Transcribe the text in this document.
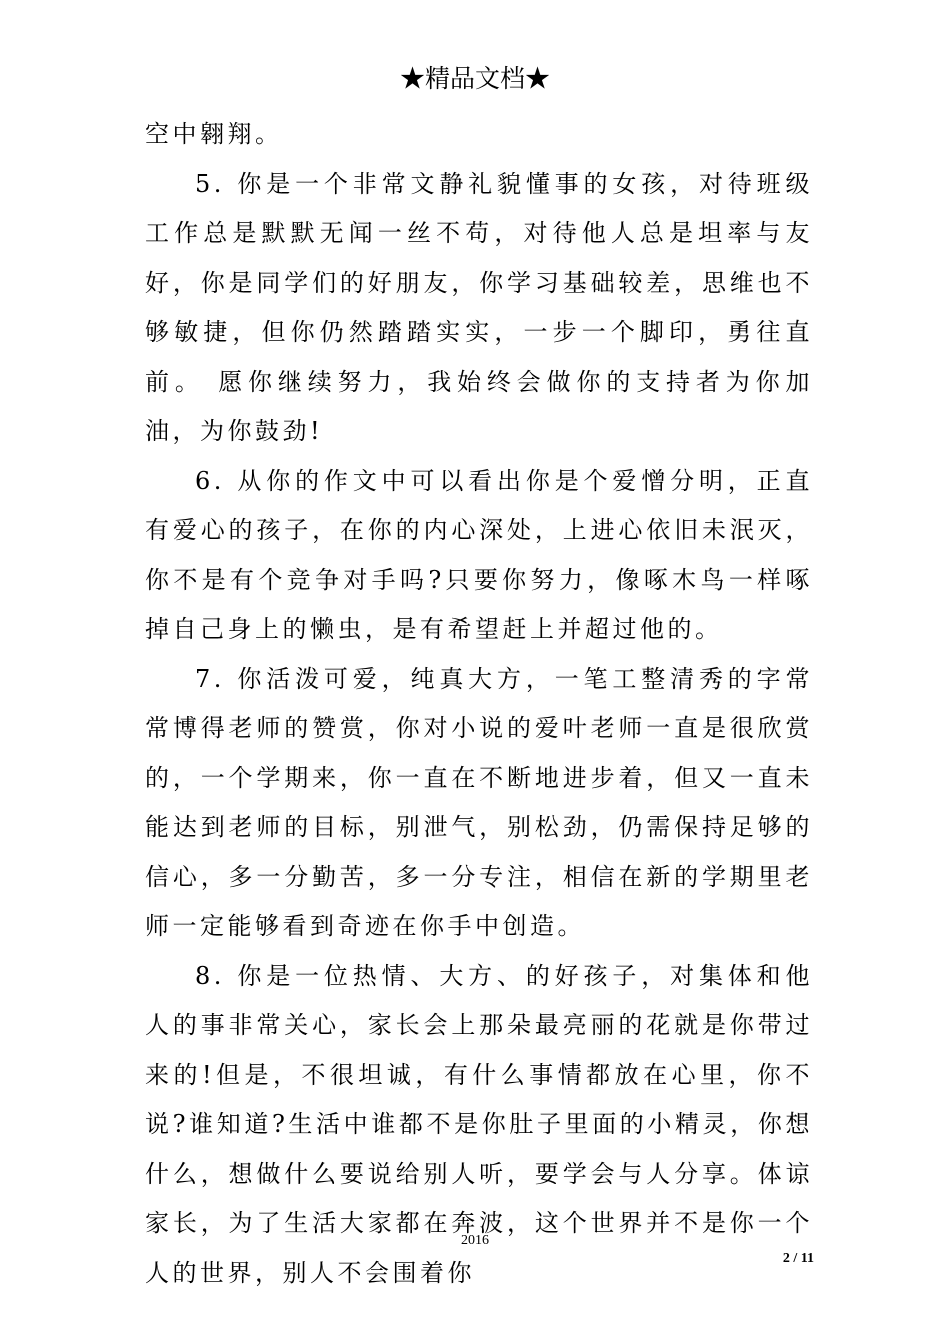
★精品文档★

空中翱翔。

5. 你是一个非常文静礼貌懂事的女孩，对待班级工作总是默默无闻一丝不苟，对待他人总是坦率与友好，你是同学们的好朋友，你学习基础较差，思维也不够敏捷，但你仍然踏踏实实，一步一个脚印，勇往直前。 愿你继续努力，我始终会做你的支持者为你加油，为你鼓劲!

6. 从你的作文中可以看出你是个爱憎分明，正直有爱心的孩子，在你的内心深处，上进心依旧未泯灭，你不是有个竞争对手吗?只要你努力，像啄木鸟一样啄掉自己身上的懒虫，是有希望赶上并超过他的。

7. 你活泼可爱，纯真大方，一笔工整清秀的字常常博得老师的赞赏，你对小说的爱叶老师一直是很欣赏的，一个学期来，你一直在不断地进步着，但又一直未能达到老师的目标，别泄气，别松劲，仍需保持足够的信心，多一分勤苦，多一分专注，相信在新的学期里老师一定能够看到奇迹在你手中创造。

8. 你是一位热情、大方、的好孩子，对集体和他人的事非常关心，家长会上那朵最亮丽的花就是你带过来的!但是，不很坦诚，有什么事情都放在心里，你不说?谁知道?生活中谁都不是你肚子里面的小精灵，你想什么，想做什么要说给别人听，要学会与人分享。体谅家长，为了生活大家都在奔波，这个世界并不是你一个人的世界，别人不会围着你

2016
2 / 11
